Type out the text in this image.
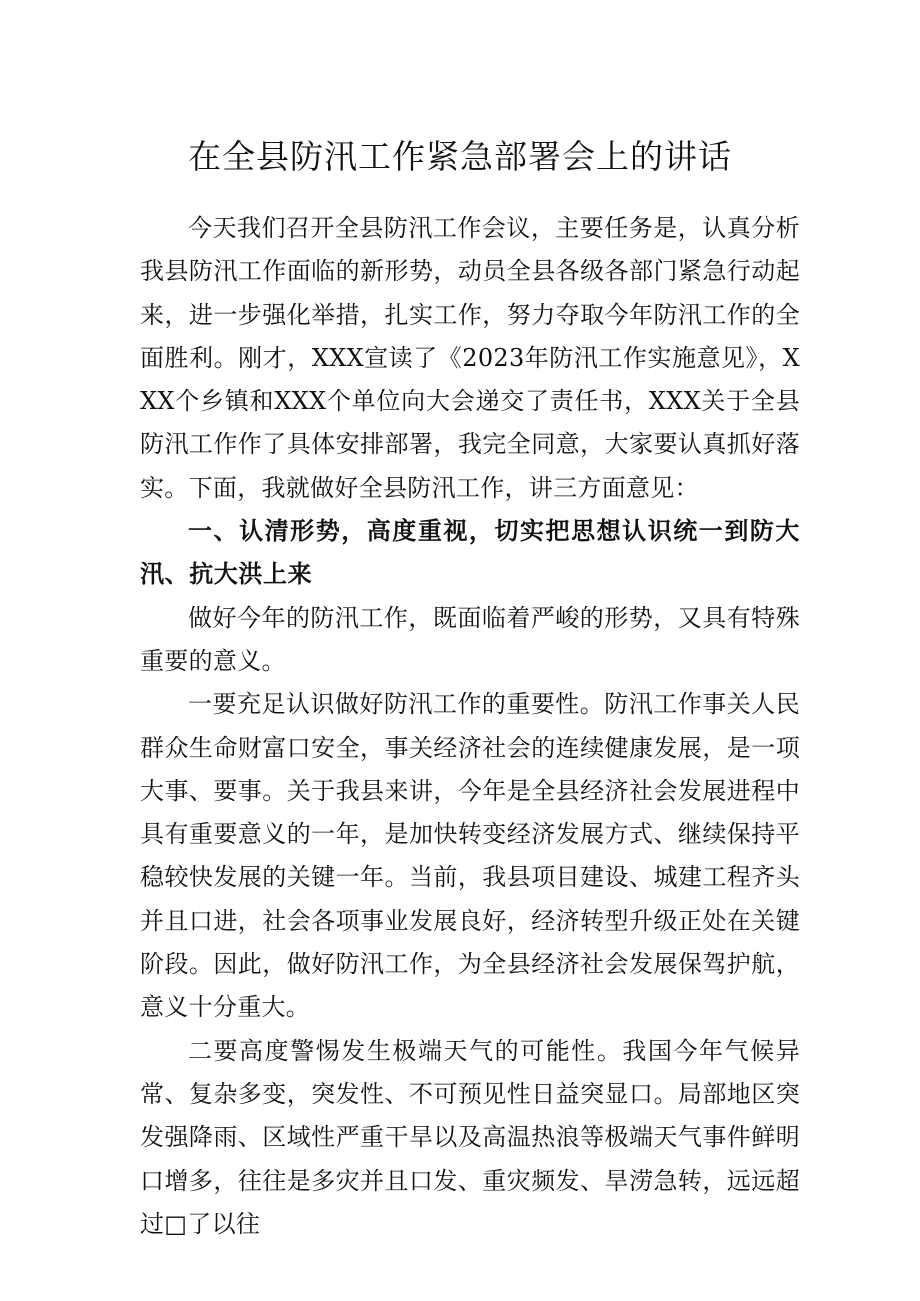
在全县防汛工作紧急部署会上的讲话

今天我们召开全县防汛工作会议，主要任务是，认真分析我县防汛工作面临的新形势，动员全县各级各部门紧急行动起来，进一步强化举措，扎实工作，努力夺取今年防汛工作的全面胜利。刚才，XXX宣读了《2023年防汛工作实施意见》，XXX个乡镇和XXX个单位向大会递交了责任书，XXX关于全县防汛工作作了具体安排部署，我完全同意，大家要认真抓好落实。下面，我就做好全县防汛工作，讲三方面意见：

一、认清形势，高度重视，切实把思想认识统一到防大汛、抗大洪上来

做好今年的防汛工作，既面临着严峻的形势，又具有特殊重要的意义。

一要充足认识做好防汛工作的重要性。防汛工作事关人民群众生命财富口安全，事关经济社会的连续健康发展，是一项大事、要事。关于我县来讲，今年是全县经济社会发展进程中具有重要意义的一年，是加快转变经济发展方式、继续保持平稳较快发展的关键一年。当前，我县项目建设、城建工程齐头并且口进，社会各项事业发展良好，经济转型升级正处在关键阶段。因此，做好防汛工作，为全县经济社会发展保驾护航，意义十分重大。

二要高度警惕发生极端天气的可能性。我国今年气候异常、复杂多变，突发性、不可预见性日益突显口。局部地区突发强降雨、区域性严重干旱以及高温热浪等极端天气事件鲜明口增多，往往是多灾并且口发、重灾频发、旱涝急转，远远超过□了以往
